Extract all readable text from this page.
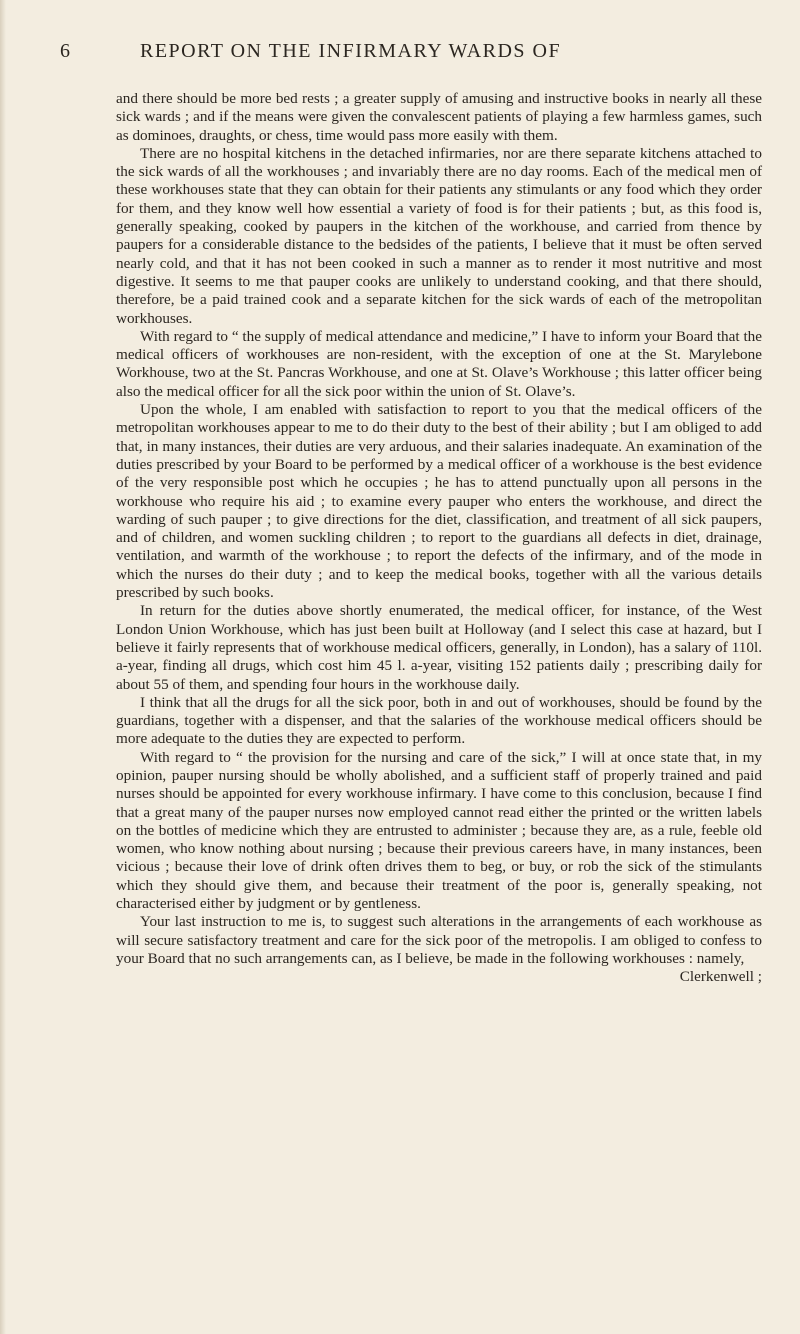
6	REPORT ON THE INFIRMARY WARDS OF

and there should be more bed rests ; a greater supply of amusing and instructive books in nearly all these sick wards ; and if the means were given the convalescent patients of playing a few harmless games, such as dominoes, draughts, or chess, time would pass more easily with them.

There are no hospital kitchens in the detached infirmaries, nor are there separate kitchens attached to the sick wards of all the workhouses ; and invariably there are no day rooms. Each of the medical men of these workhouses state that they can obtain for their patients any stimulants or any food which they order for them, and they know well how essential a variety of food is for their patients ; but, as this food is, generally speaking, cooked by paupers in the kitchen of the workhouse, and carried from thence by paupers for a considerable distance to the bedsides of the patients, I believe that it must be often served nearly cold, and that it has not been cooked in such a manner as to render it most nutritive and most digestive. It seems to me that pauper cooks are unlikely to understand cooking, and that there should, therefore, be a paid trained cook and a separate kitchen for the sick wards of each of the metropolitan workhouses.

With regard to “ the supply of medical attendance and medicine,” I have to inform your Board that the medical officers of workhouses are non-resident, with the exception of one at the St. Marylebone Workhouse, two at the St. Pancras Workhouse, and one at St. Olave’s Workhouse ; this latter officer being also the medical officer for all the sick poor within the union of St. Olave’s.

Upon the whole, I am enabled with satisfaction to report to you that the medical officers of the metropolitan workhouses appear to me to do their duty to the best of their ability ; but I am obliged to add that, in many instances, their duties are very arduous, and their salaries inadequate. An examination of the duties prescribed by your Board to be performed by a medical officer of a workhouse is the best evidence of the very responsible post which he occupies ; he has to attend punctually upon all persons in the workhouse who require his aid ; to examine every pauper who enters the workhouse, and direct the warding of such pauper ; to give directions for the diet, classification, and treatment of all sick paupers, and of children, and women suckling children ; to report to the guardians all defects in diet, drainage, ventilation, and warmth of the workhouse ; to report the defects of the infirmary, and of the mode in which the nurses do their duty ; and to keep the medical books, together with all the various details prescribed by such books.

In return for the duties above shortly enumerated, the medical officer, for instance, of the West London Union Workhouse, which has just been built at Holloway (and I select this case at hazard, but I believe it fairly represents that of workhouse medical officers, generally, in London), has a salary of 110l. a-year, finding all drugs, which cost him 45 l. a-year, visiting 152 patients daily ; prescribing daily for about 55 of them, and spending four hours in the workhouse daily.

I think that all the drugs for all the sick poor, both in and out of workhouses, should be found by the guardians, together with a dispenser, and that the salaries of the workhouse medical officers should be more adequate to the duties they are expected to perform.

With regard to “ the provision for the nursing and care of the sick,” I will at once state that, in my opinion, pauper nursing should be wholly abolished, and a sufficient staff of properly trained and paid nurses should be appointed for every workhouse infirmary. I have come to this conclusion, because I find that a great many of the pauper nurses now employed cannot read either the printed or the written labels on the bottles of medicine which they are entrusted to administer ; because they are, as a rule, feeble old women, who know nothing about nursing ; because their previous careers have, in many instances, been vicious ; because their love of drink often drives them to beg, or buy, or rob the sick of the stimulants which they should give them, and because their treatment of the poor is, generally speaking, not characterised either by judgment or by gentleness.

Your last instruction to me is, to suggest such alterations in the arrangements of each workhouse as will secure satisfactory treatment and care for the sick poor of the metropolis. I am obliged to confess to your Board that no such arrangements can, as I believe, be made in the following workhouses : namely,

Clerkenwell ;
